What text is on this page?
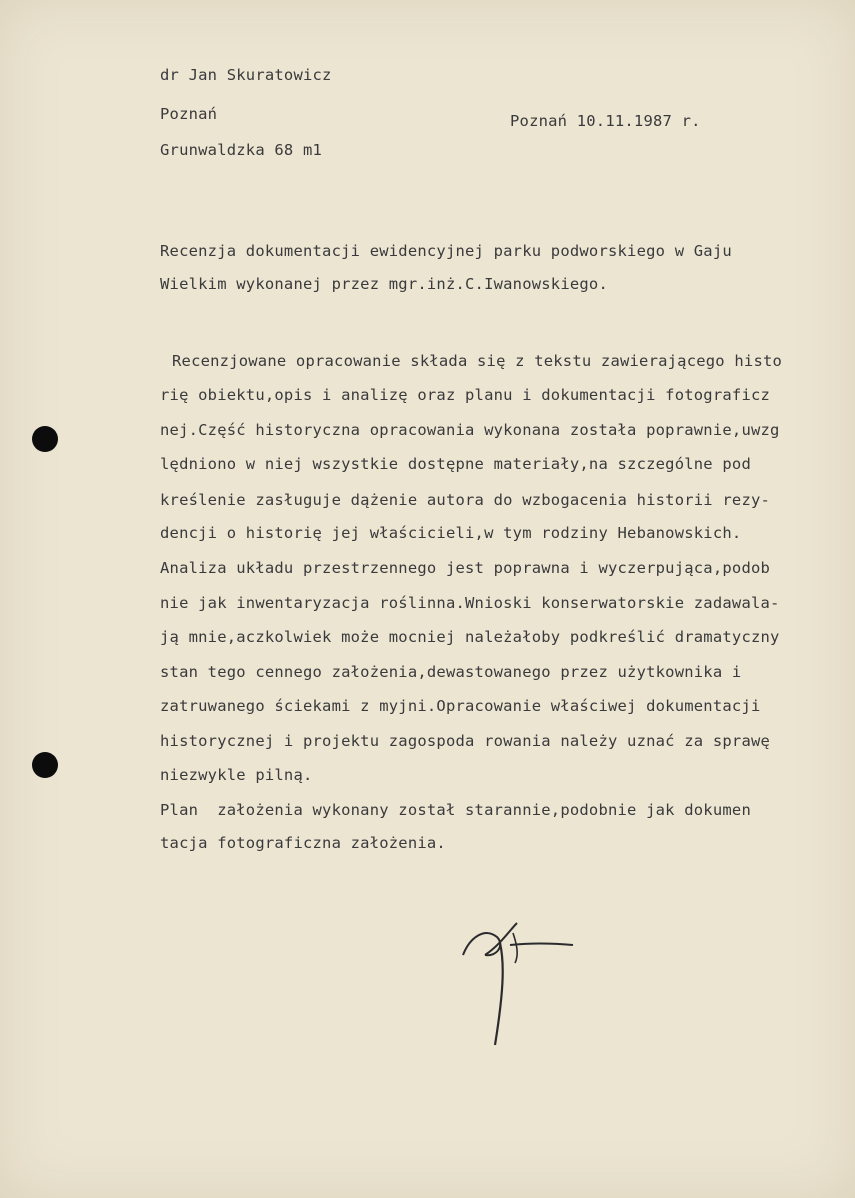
dr Jan Skuratowicz
Poznań	Poznań 10.11.1987 r.
Grunwaldzka 68 m1
Recenzja dokumentacji ewidencyjnej parku podworskiego w Gaju
Wielkim wykonanej przez mgr.inż.C.Iwanowskiego.
Recenzjowane opracowanie składa się z tekstu zawierającego histo
rię obiektu,opis i analizę oraz planu i dokumentacji fotograficz
nej.Część historyczna opracowania wykonana została poprawnie,uwzg
lędniono w niej wszystkie dostępne materiały,na szczególne pod
kreślenie zasługuje dążenie autora do wzbogacenia historii rezy-
dencji o historię jej właścicieli,w tym rodziny Hebanowskich.
Analiza układu przestrzennego jest poprawna i wyczerpująca,podob
nie jak inwentaryzacja roślinna.Wnioski konserwatorskie zadawala-
ją mnie,aczkolwiek może mocniej należałoby podkreślić dramatyczny
stan tego cennego założenia,dewastowanego przez użytkownika i
zatruwanego ściekami z myjni.Opracowanie właściwej dokumentacji
historycznej i projektu zagospoda rowania należy uznać za sprawę
niezwykle pilną.
Plan  założenia wykonany został starannie,podobnie jak dokumen
tacja fotograficzna założenia.
